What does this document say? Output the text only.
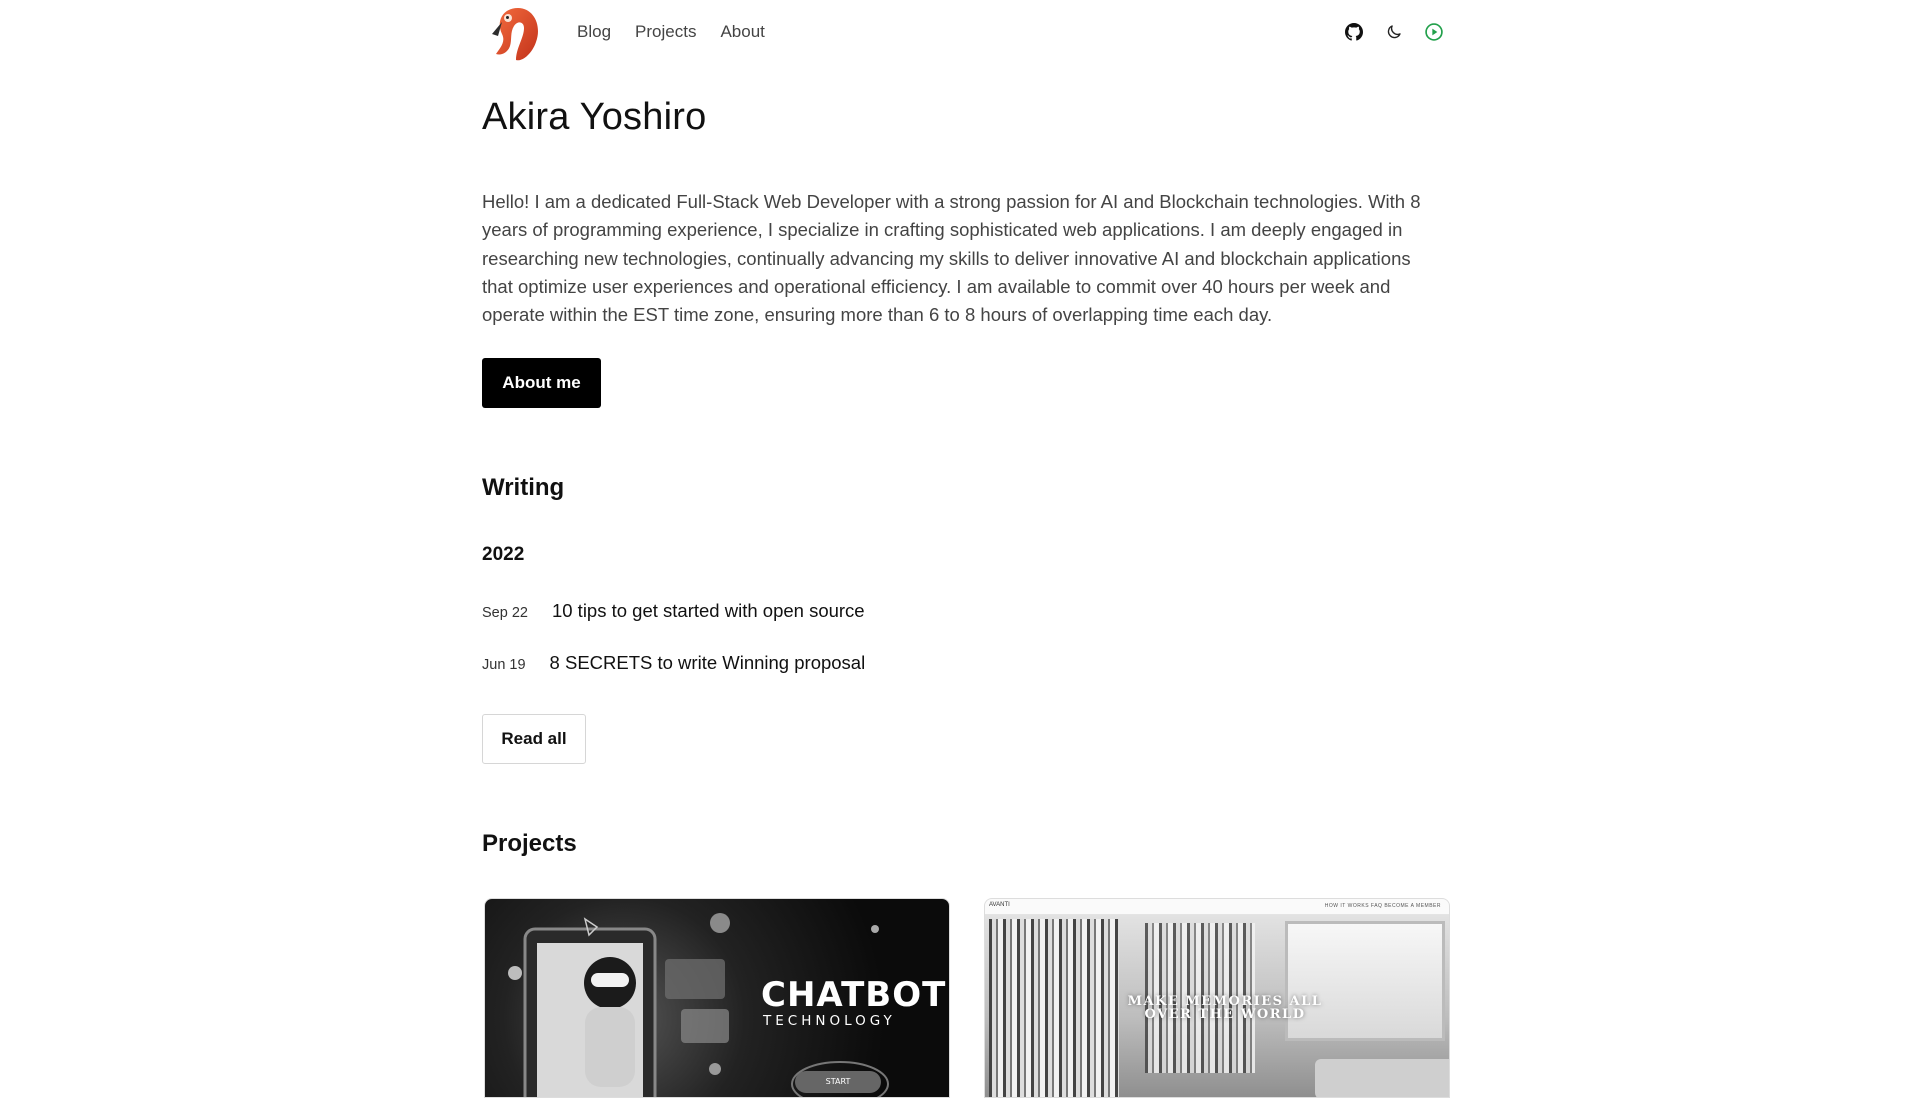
Blog Projects About
Akira Yoshiro

Hello! I am a dedicated Full-Stack Web Developer with a strong passion for AI and Blockchain technologies. With 8 years of programming experience, I specialize in crafting sophisticated web applications. I am deeply engaged in researching new technologies, continually advancing my skills to deliver innovative AI and blockchain applications that optimize user experiences and operational efficiency. I am available to commit over 40 hours per week and operate within the EST time zone, ensuring more than 6 to 8 hours of overlapping time each day.

About me
Writing
2022
Sep 22 10 tips to get started with open source
Jun 19 8 SECRETS to write Winning proposal
Read all
Projects
CHATBOT
TECHNOLOGY
START
AVANTI	HOW IT WORKS FAQ BECOME A MEMBER
MAKE MEMORIES ALL OVER THE WORLD
